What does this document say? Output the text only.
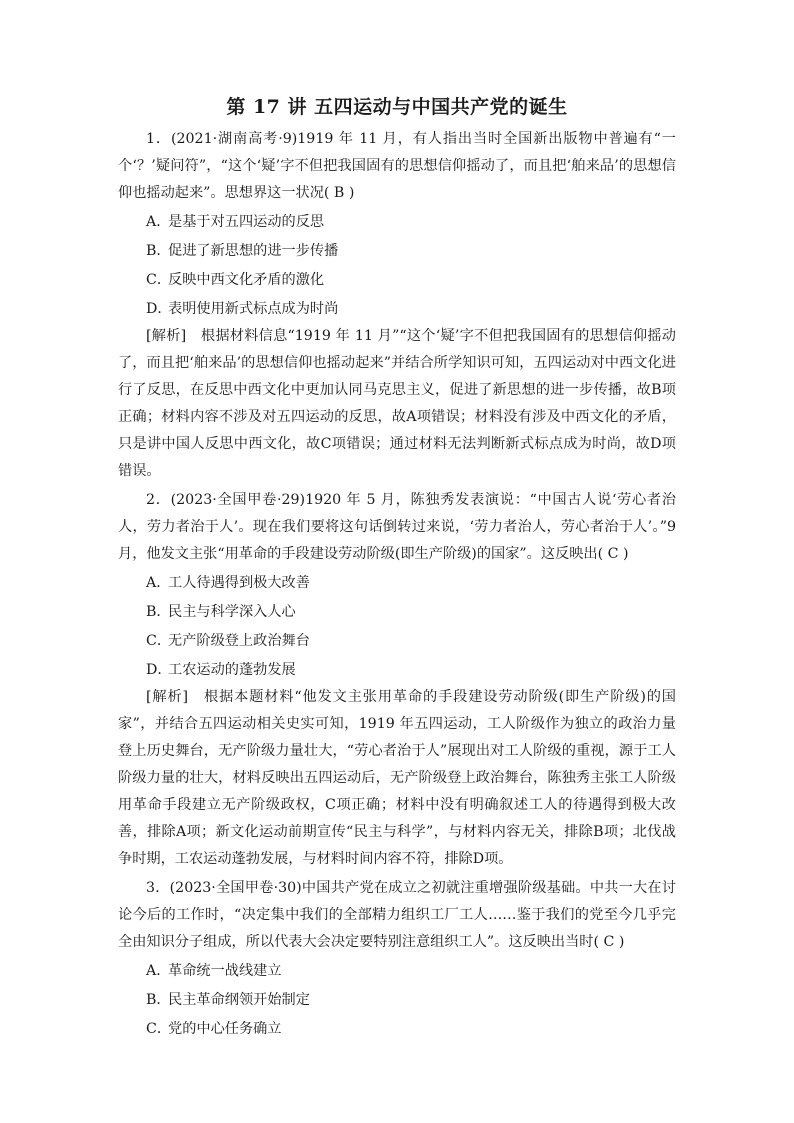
第 17 讲 五四运动与中国共产党的诞生

1．(2021·湖南高考·9)1919 年 11 月，有人指出当时全国新出版物中普遍有“一个‘？’疑问符”，“这个‘疑’字不但把我国固有的思想信仰摇动了，而且把‘舶来品’的思想信仰也摇动起来”。思想界这一状况( B )

A．
是基于对五四运动的反思
B．
促进了新思想的进一步传播
C．
反映中西文化矛盾的激化
D．
表明使用新式标点成为时尚

[解析]　根据材料信息“1919 年 11 月”“这个‘疑’字不但把我国固有的思想信仰摇动了，而且把‘舶来品’的思想信仰也摇动起来”并结合所学知识可知，五四运动对中西文化进行了反思，在反思中西文化中更加认同马克思主义，促进了新思想的进一步传播，故B项正确；材料内容不涉及对五四运动的反思，故A项错误；材料没有涉及中西文化的矛盾，只是讲中国人反思中西文化，故C项错误；通过材料无法判断新式标点成为时尚，故D项错误。

2．(2023·全国甲卷·29)1920 年 5 月，陈独秀发表演说：“中国古人说‘劳心者治人，劳力者治于人’。现在我们要将这句话倒转过来说，‘劳力者治人，劳心者治于人’。”9 月，他发文主张“用革命的手段建设劳动阶级(即生产阶级)的国家”。这反映出( C )

A．
工人待遇得到极大改善
B．
民主与科学深入人心
C．
无产阶级登上政治舞台
D．
工农运动的蓬勃发展

[解析]　根据本题材料“他发文主张用革命的手段建设劳动阶级(即生产阶级)的国家”，并结合五四运动相关史实可知，1919 年五四运动，工人阶级作为独立的政治力量登上历史舞台，无产阶级力量壮大，“劳心者治于人”展现出对工人阶级的重视，源于工人阶级力量的壮大，材料反映出五四运动后，无产阶级登上政治舞台，陈独秀主张工人阶级用革命手段建立无产阶级政权，C项正确；材料中没有明确叙述工人的待遇得到极大改善，排除A项；新文化运动前期宣传“民主与科学”，与材料内容无关，排除B项；北伐战争时期，工农运动蓬勃发展，与材料时间内容不符，排除D项。

3．(2023·全国甲卷·30)中国共产党在成立之初就注重增强阶级基础。中共一大在讨论今后的工作时，“决定集中我们的全部精力组织工厂工人……鉴于我们的党至今几乎完全由知识分子组成，所以代表大会决定要特别注意组织工人”。这反映出当时( C )

A．
革命统一战线建立
B．
民主革命纲领开始制定
C．
党的中心任务确立
